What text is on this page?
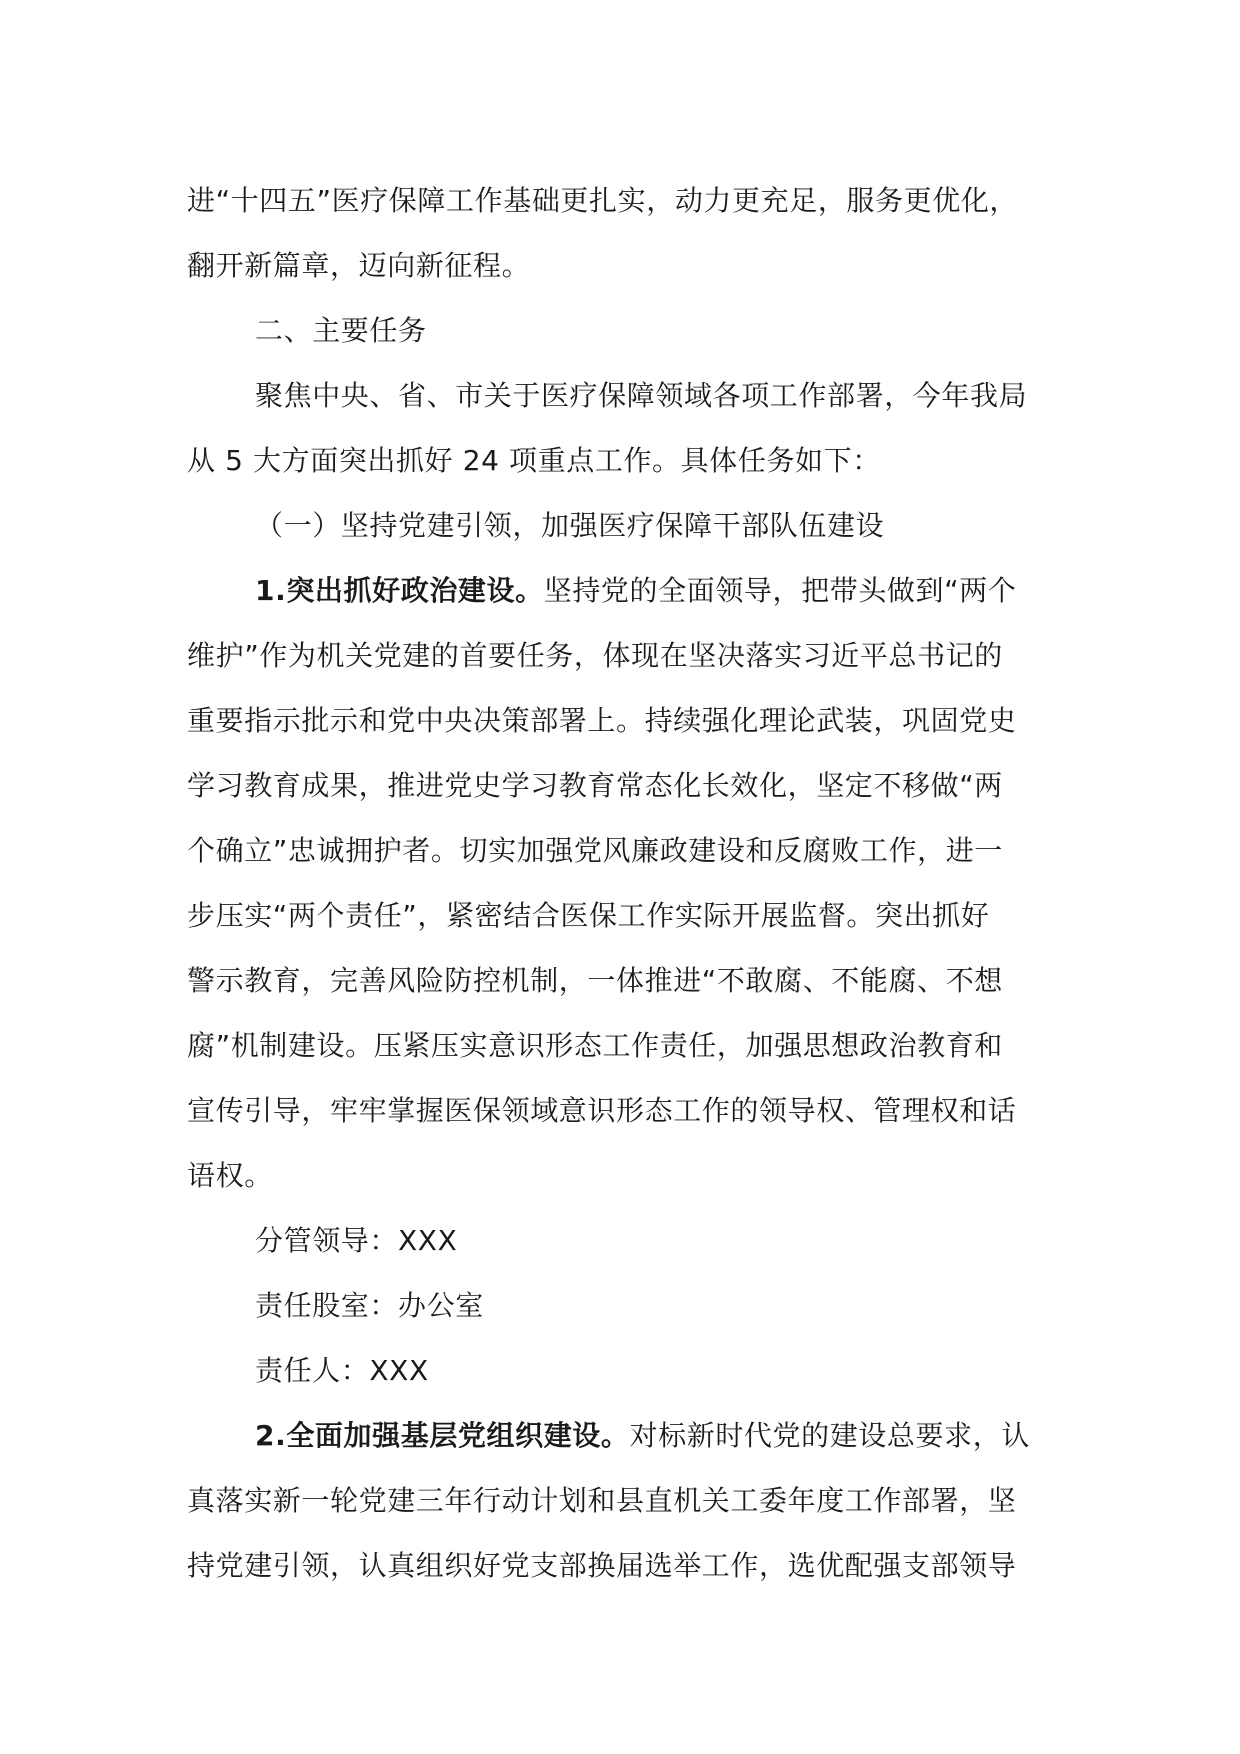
进“十四五”医疗保障工作基础更扎实，动力更充足，服务更优化，
翻开新篇章，迈向新征程。
二、主要任务
聚焦中央、省、市关于医疗保障领域各项工作部署，今年我局
从 5 大方面突出抓好 24 项重点工作。具体任务如下：
（一）坚持党建引领，加强医疗保障干部队伍建设
1.突出抓好政治建设。坚持党的全面领导，把带头做到“两个
维护”作为机关党建的首要任务，体现在坚决落实习近平总书记的
重要指示批示和党中央决策部署上。持续强化理论武装，巩固党史
学习教育成果，推进党史学习教育常态化长效化，坚定不移做“两
个确立”忠诚拥护者。切实加强党风廉政建设和反腐败工作，进一
步压实“两个责任”，紧密结合医保工作实际开展监督。突出抓好
警示教育，完善风险防控机制，一体推进“不敢腐、不能腐、不想
腐”机制建设。压紧压实意识形态工作责任，加强思想政治教育和
宣传引导，牢牢掌握医保领域意识形态工作的领导权、管理权和话
语权。
分管领导：XXX
责任股室：办公室
责任人：XXX
2.全面加强基层党组织建设。对标新时代党的建设总要求，认
真落实新一轮党建三年行动计划和县直机关工委年度工作部署，坚
持党建引领，认真组织好党支部换届选举工作，选优配强支部领导
